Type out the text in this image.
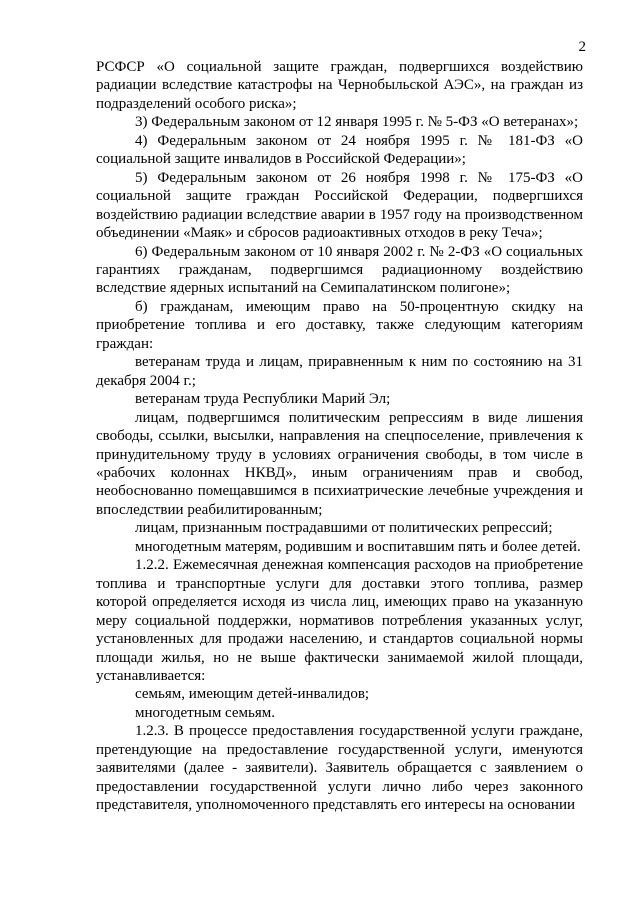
2

РСФСР «О социальной защите граждан, подвергшихся воздействию радиации вследствие катастрофы на Чернобыльской АЭС», на граждан из подразделений особого риска»;

3) Федеральным законом от 12 января 1995 г. № 5-ФЗ «О ветеранах»;

4) Федеральным законом от 24 ноября 1995 г. № 181-ФЗ «О социальной защите инвалидов в Российской Федерации»;

5) Федеральным законом от 26 ноября 1998 г. № 175-ФЗ «О социальной защите граждан Российской Федерации, подвергшихся воздействию радиации вследствие аварии в 1957 году на производственном объединении «Маяк» и сбросов радиоактивных отходов в реку Теча»;

6) Федеральным законом от 10 января 2002 г. № 2-ФЗ «О социальных гарантиях гражданам, подвергшимся радиационному воздействию вследствие ядерных испытаний на Семипалатинском полигоне»;

б) гражданам, имеющим право на 50-процентную скидку на приобретение топлива и его доставку, также следующим категориям граждан:

ветеранам труда и лицам, приравненным к ним по состоянию на 31 декабря 2004 г.;

ветеранам труда Республики Марий Эл;

лицам, подвергшимся политическим репрессиям в виде лишения свободы, ссылки, высылки, направления на спецпоселение, привлечения к принудительному труду в условиях ограничения свободы, в том числе в «рабочих колоннах НКВД», иным ограничениям прав и свобод, необоснованно помещавшимся в психиатрические лечебные учреждения и впоследствии реабилитированным;

лицам, признанным пострадавшими от политических репрессий;

многодетным матерям, родившим и воспитавшим пять и более детей.

1.2.2. Ежемесячная денежная компенсация расходов на приобретение топлива и транспортные услуги для доставки этого топлива, размер которой определяется исходя из числа лиц, имеющих право на указанную меру социальной поддержки, нормативов потребления указанных услуг, установленных для продажи населению, и стандартов социальной нормы площади жилья, но не выше фактически занимаемой жилой площади, устанавливается:

семьям, имеющим детей-инвалидов;

многодетным семьям.

1.2.3. В процессе предоставления государственной услуги граждане, претендующие на предоставление государственной услуги, именуются заявителями (далее - заявители). Заявитель обращается с заявлением о предоставлении государственной услуги лично либо через законного представителя, уполномоченного представлять его интересы на основании
